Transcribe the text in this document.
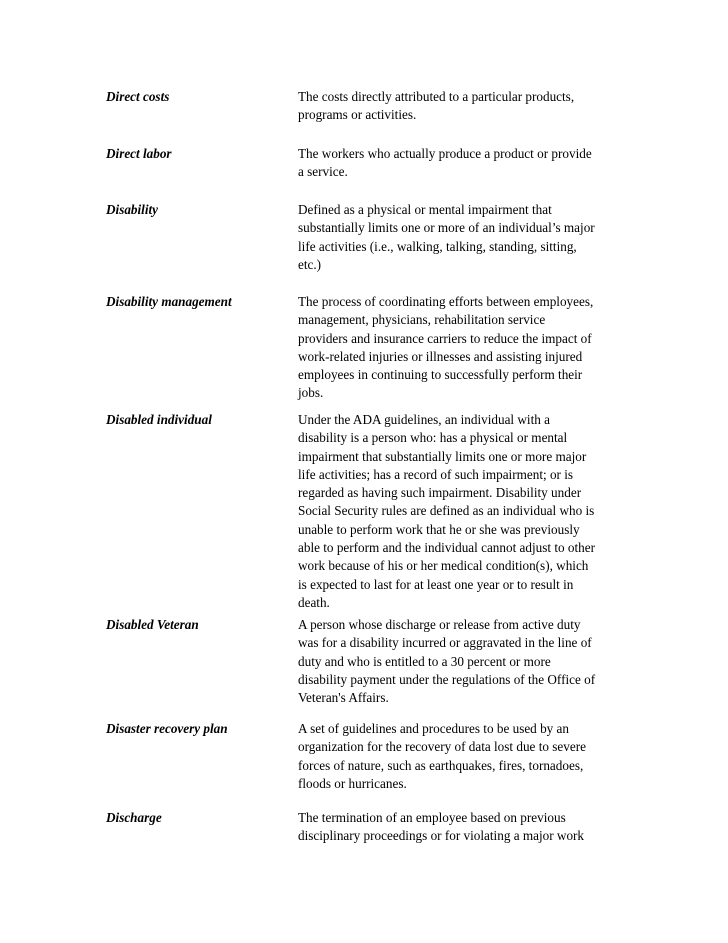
Direct costs	The costs directly attributed to a particular products,
programs or activities.

Direct labor	The workers who actually produce a product or provide
a service.

Disability	Defined as a physical or mental impairment that
substantially limits one or more of an individual’s major
life activities (i.e., walking, talking, standing, sitting,
etc.)

Disability management	The process of coordinating efforts between employees,
management, physicians, rehabilitation service
providers and insurance carriers to reduce the impact of
work-related injuries or illnesses and assisting injured
employees in continuing to successfully perform their
jobs.

Disabled individual	Under the ADA guidelines, an individual with a
disability is a person who: has a physical or mental
impairment that substantially limits one or more major
life activities; has a record of such impairment; or is
regarded as having such impairment. Disability under
Social Security rules are defined as an individual who is
unable to perform work that he or she was previously
able to perform and the individual cannot adjust to other
work because of his or her medical condition(s), which
is expected to last for at least one year or to result in
death.

Disabled Veteran	A person whose discharge or release from active duty
was for a disability incurred or aggravated in the line of
duty and who is entitled to a 30 percent or more
disability payment under the regulations of the Office of
Veteran's Affairs.

Disaster recovery plan	A set of guidelines and procedures to be used by an
organization for the recovery of data lost due to severe
forces of nature, such as earthquakes, fires, tornadoes,
floods or hurricanes.

Discharge	The termination of an employee based on previous
disciplinary proceedings or for violating a major work
